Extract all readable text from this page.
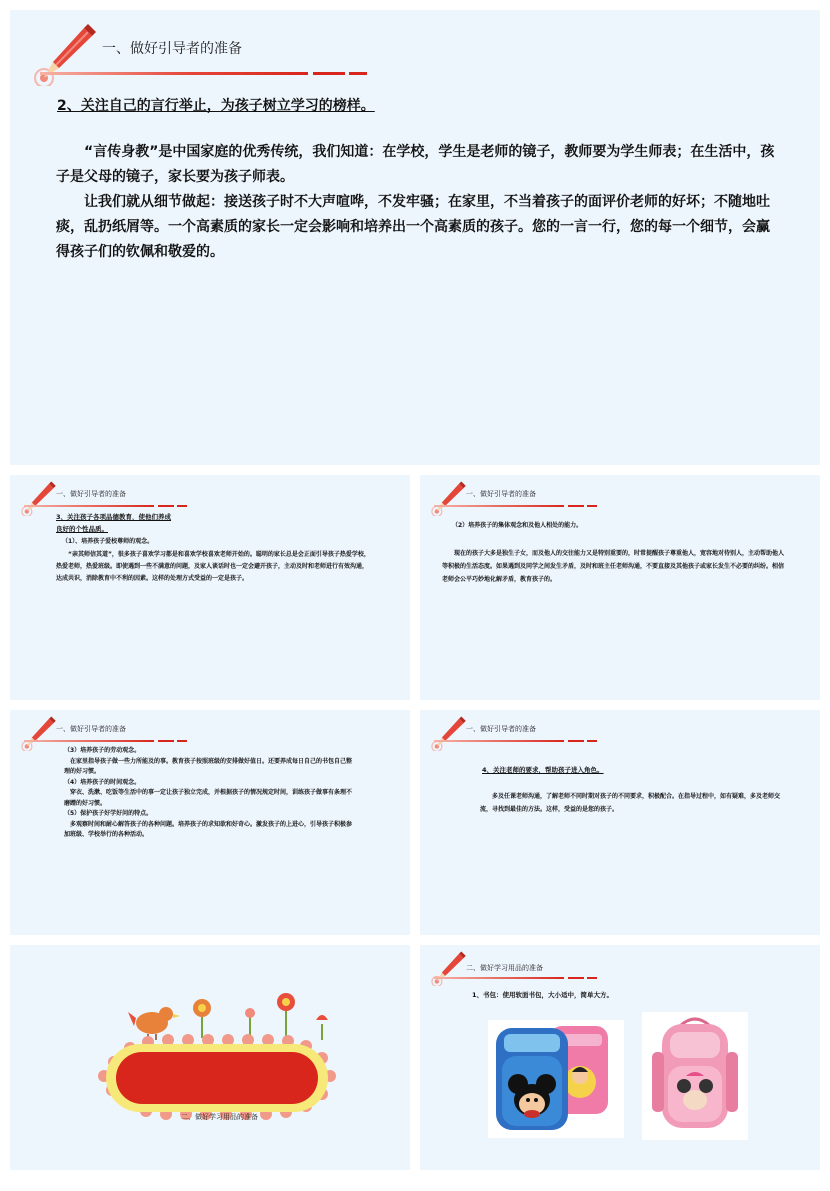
一、做好引导者的准备
2、关注自己的言行举止，为孩子树立学习的榜样。

“言传身教”是中国家庭的优秀传统，我们知道：在学校，学生是老师的镜子，教师要为学生师表；在生活中，孩子是父母的镜子，家长要为孩子师表。

让我们就从细节做起：接送孩子时不大声喧哗，不发牢骚；在家里，不当着孩子的面评价老师的好坏；不随地吐痰，乱扔纸屑等。一个高素质的家长一定会影响和培养出一个高素质的孩子。您的一言一行，您的每一个细节，会赢得孩子们的钦佩和敬爱的。

一、做好引导者的准备
3、关注孩子各项品德教育，使他们养成
良好的个性品质。
（1）、培养孩子爱校尊师的观念。

“亲其师信其道”，很多孩子喜欢学习都是和喜欢学校喜欢老师开始的。聪明的家长总是会正面引导孩子热爱学校，热爱老师，热爱班级。即使遇到一些不满意的问题，及家人谈话时也一定会避开孩子，主动及时和老师进行有效沟通，达成共识，消除教育中不利的因素。这样的处理方式受益的一定是孩子。

一、做好引导者的准备
（2）培养孩子的集体观念和及他人相处的能力。

现在的孩子大多是独生子女，而及他人的交往能力又是特别重要的，时常提醒孩子尊重他人，宽容地对待别人，主动帮助他人等积极的生活态度。如果遇到及同学之间发生矛盾，及时和班主任老师沟通，不要直接及其他孩子或家长发生不必要的纠纷。相信老师会公平巧妙地化解矛盾，教育孩子的。

一、做好引导者的准备

（3）培养孩子的劳动观念。

在家里指导孩子做一些力所能及的事。教育孩子按照班级的安排做好值日。还要养成每日自己的书包自己整理的好习惯。

（4）培养孩子的时间观念。

穿衣、洗漱、吃饭等生活中的事一定让孩子独立完成，并根据孩子的情况规定时间，训练孩子做事有条理不磨蹭的好习惯。

（5）保护孩子好学好问的特点。

多观察时间和耐心解答孩子的各种问题。培养孩子的求知欲和好奇心。激发孩子的上进心，引导孩子积极参加班级、学校举行的各种活动。

一、做好引导者的准备
4、关注老师的要求，帮助孩子进入角色。

多及任课老师沟通，了解老师不同时期对孩子的不同要求，积极配合。在指导过程中，如有疑难，多及老师交流，寻找到最佳的方法。这样，受益的是您的孩子。

二、做好学习用品的准备
二、做好学习用品的准备
1、书包：使用软面书包，大小适中，简单大方。
